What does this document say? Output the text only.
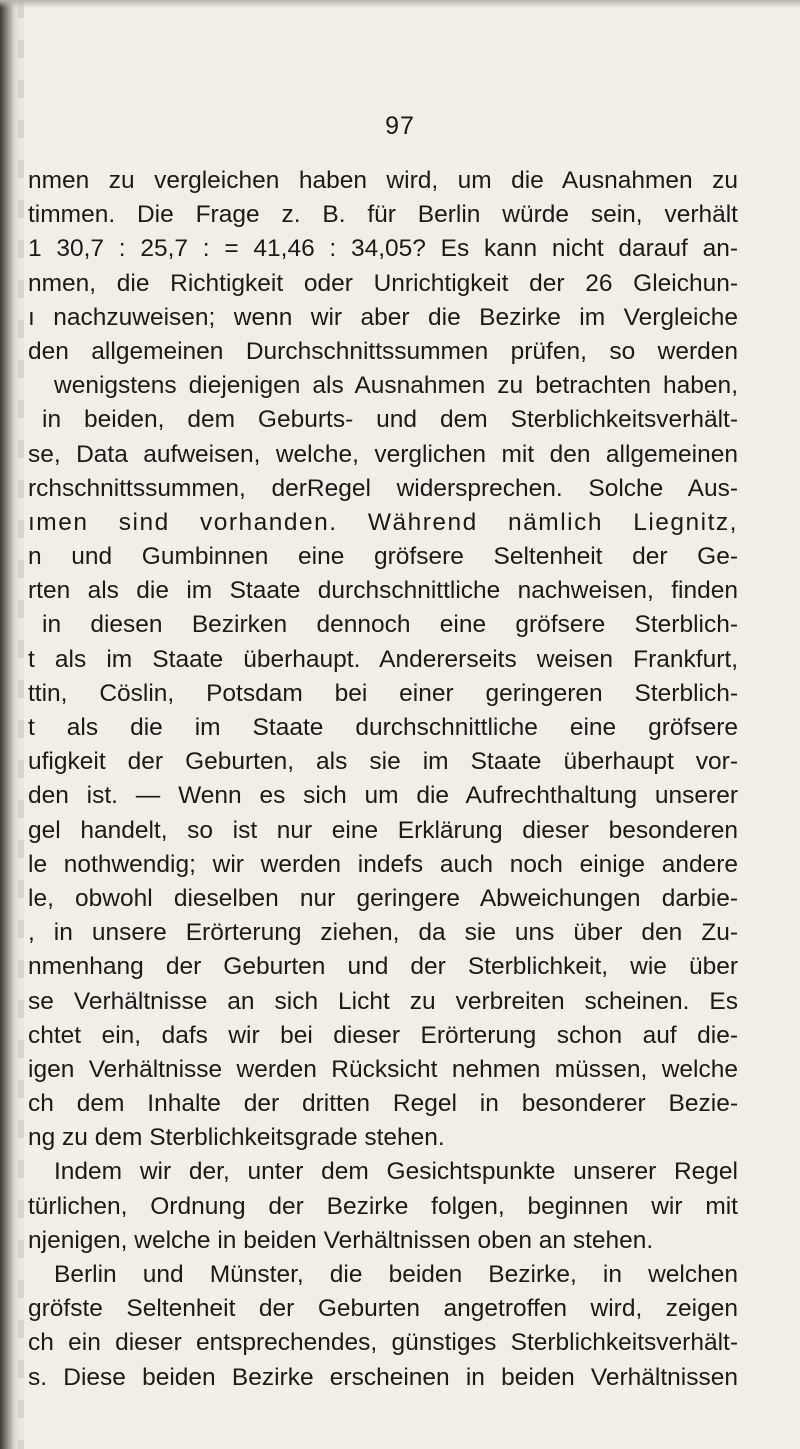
97
nmen zu vergleichen haben wird, um die Ausnahmen zu
timmen. Die Frage z. B. für Berlin würde sein, verhält
1 30,7 : 25,7 : = 41,46 : 34,05? Es kann nicht darauf an-
nmen, die Richtigkeit oder Unrichtigkeit der 26 Gleichun-
ı nachzuweisen; wenn wir aber die Bezirke im Vergleiche
den allgemeinen Durchschnittssummen prüfen, so werden
wenigstens diejenigen als Ausnahmen zu betrachten haben,
in beiden, dem Geburts- und dem Sterblichkeitsverhält-
se, Data aufweisen, welche, verglichen mit den allgemeinen
rchschnittssummen, derRegel widersprechen. Solche Aus-
ımen sind vorhanden. Während nämlich Liegnitz,
n und Gumbinnen eine gröfsere Seltenheit der Ge-
rten als die im Staate durchschnittliche nachweisen, finden
in diesen Bezirken dennoch eine gröfsere Sterblich-
t als im Staate überhaupt. Andererseits weisen Frankfurt,
ttin, Cöslin, Potsdam bei einer geringeren Sterblich-
t als die im Staate durchschnittliche eine gröfsere
ufigkeit der Geburten, als sie im Staate überhaupt vor-
den ist. — Wenn es sich um die Aufrechthaltung unserer
gel handelt, so ist nur eine Erklärung dieser besonderen
le nothwendig; wir werden indefs auch noch einige andere
le, obwohl dieselben nur geringere Abweichungen darbie-
, in unsere Erörterung ziehen, da sie uns über den Zu-
nmenhang der Geburten und der Sterblichkeit, wie über
se Verhältnisse an sich Licht zu verbreiten scheinen. Es
chtet ein, dafs wir bei dieser Erörterung schon auf die-
igen Verhältnisse werden Rücksicht nehmen müssen, welche
ch dem Inhalte der dritten Regel in besonderer Bezie-
ng zu dem Sterblichkeitsgrade stehen.
Indem wir der, unter dem Gesichtspunkte unserer Regel
türlichen, Ordnung der Bezirke folgen, beginnen wir mit
njenigen, welche in beiden Verhältnissen oben an stehen.
Berlin und Münster, die beiden Bezirke, in welchen
gröfste Seltenheit der Geburten angetroffen wird, zeigen
ch ein dieser entsprechendes, günstiges Sterblichkeitsverhält-
s. Diese beiden Bezirke erscheinen in beiden Verhältnissen
